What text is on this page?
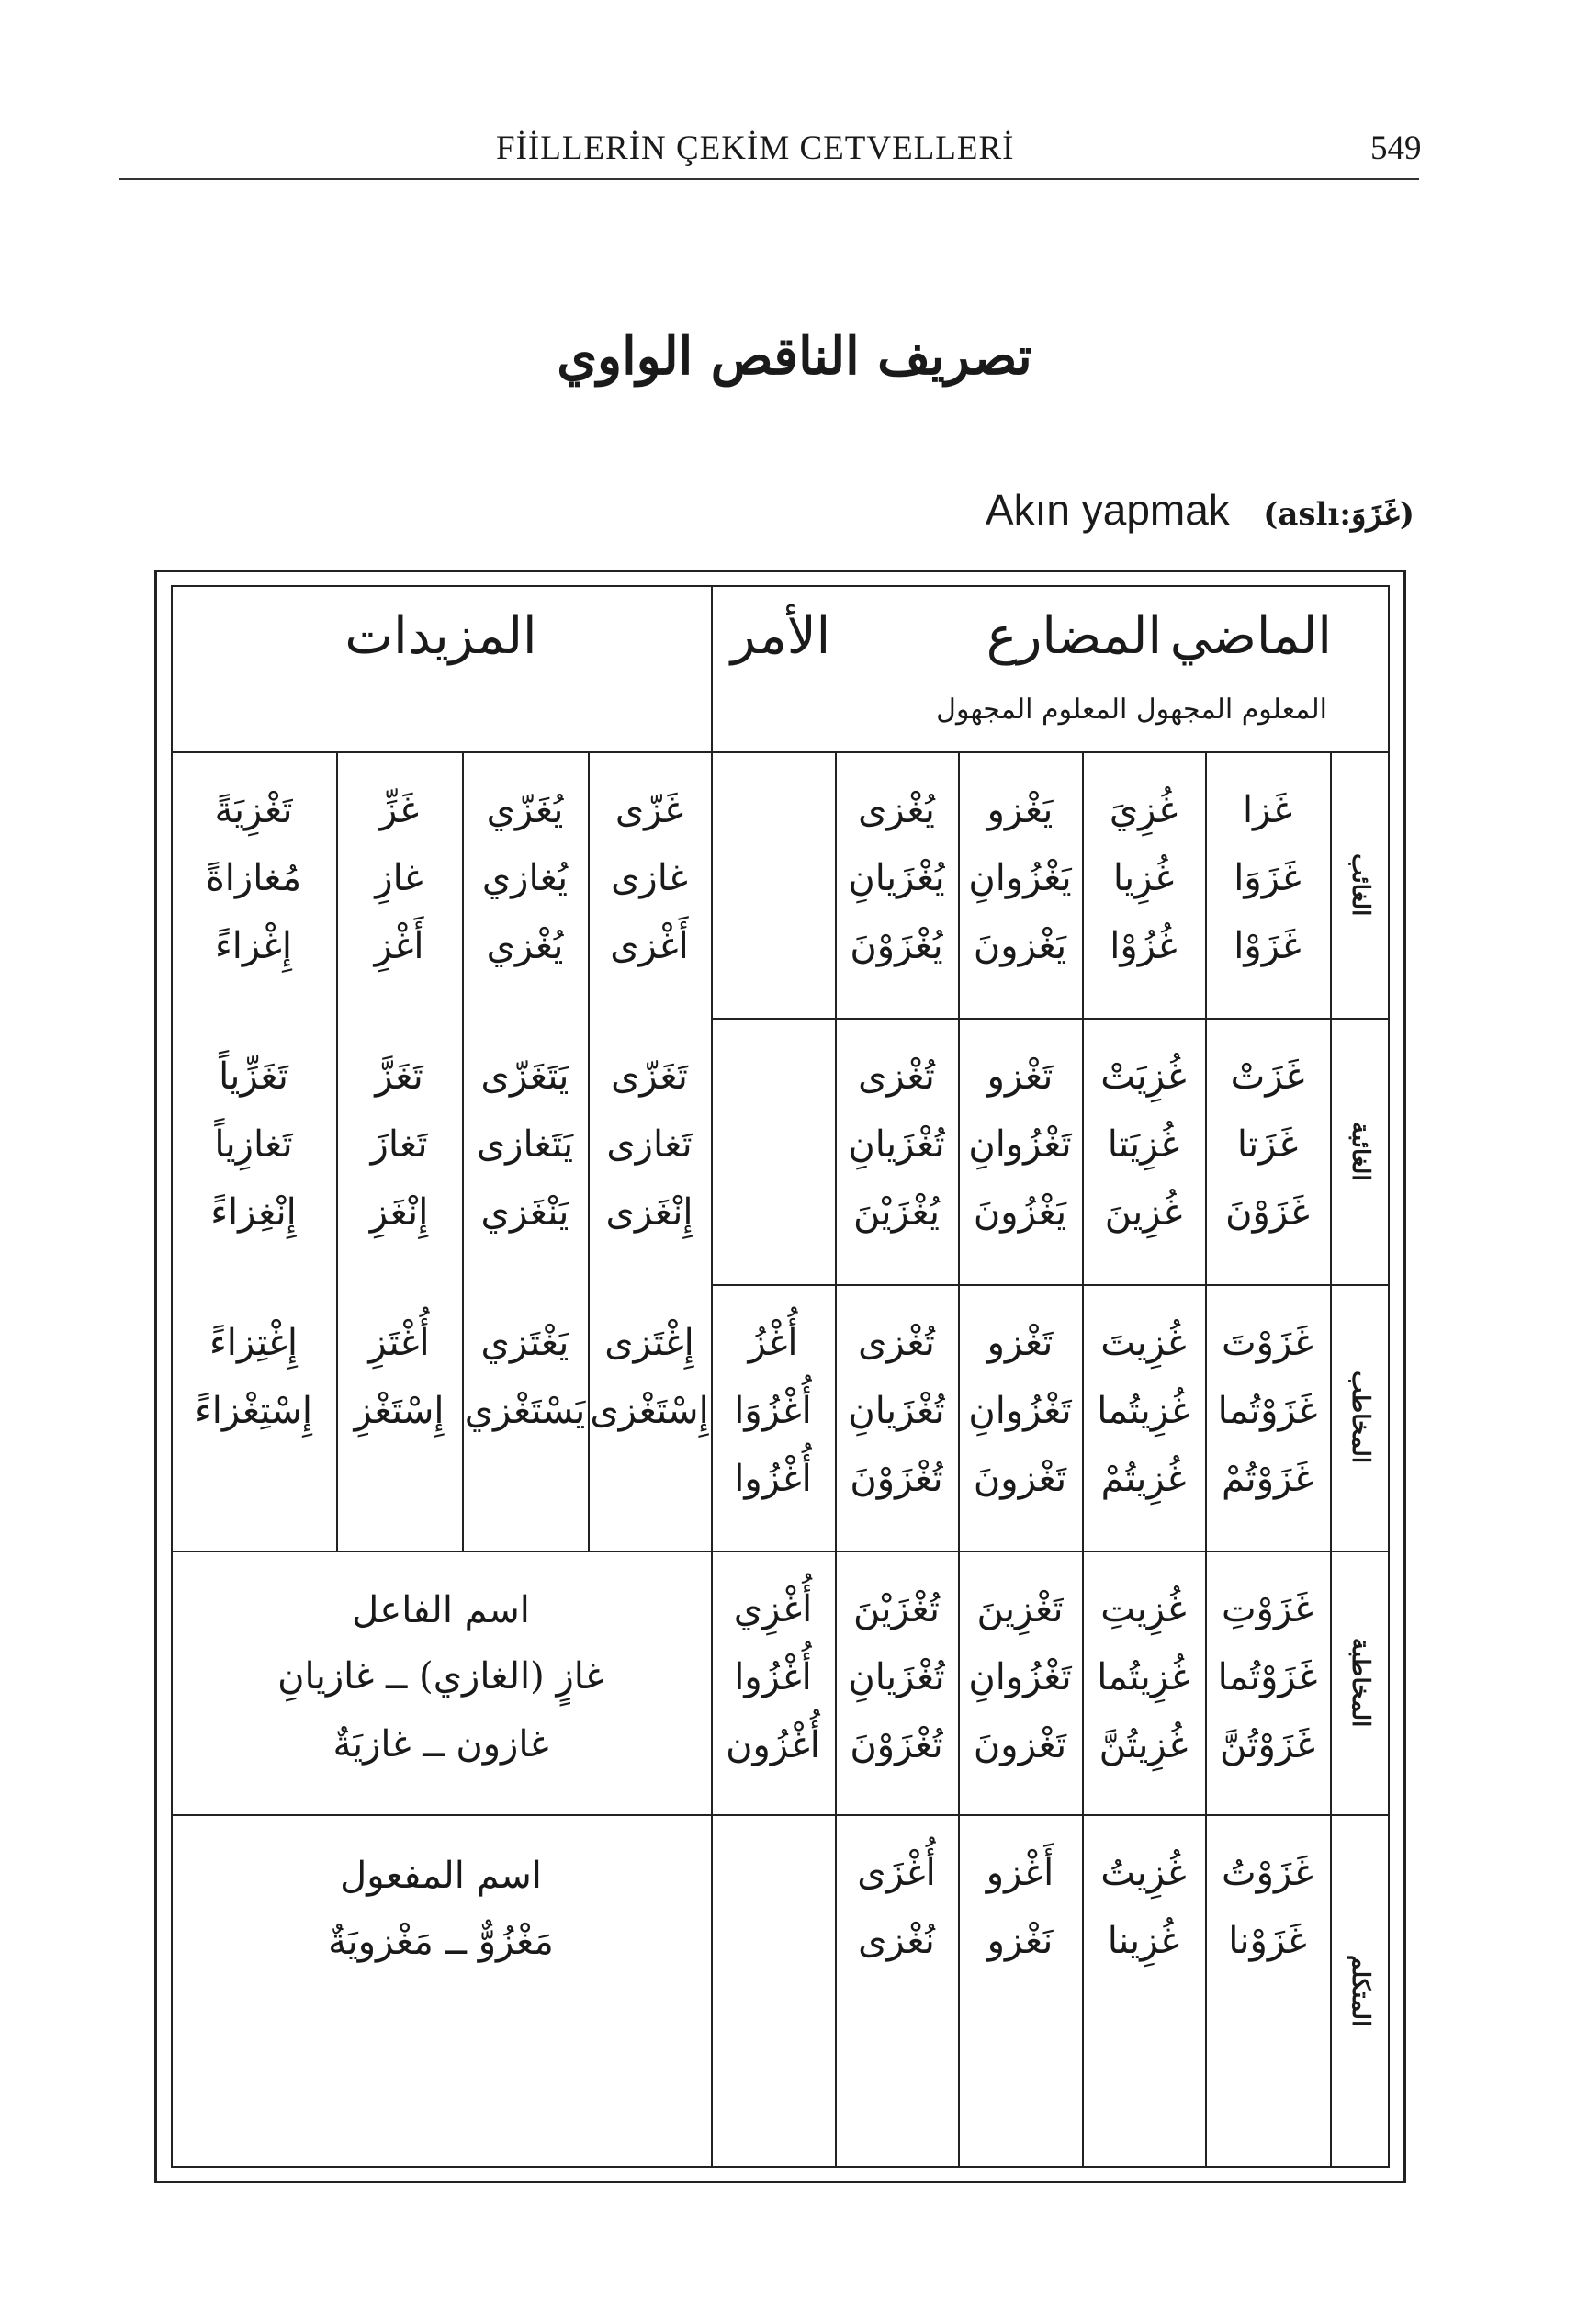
FİİLLERİN ÇEKİM CETVELLERİ	549
تصريف الناقص الواوي
Akın yapmak (aslı:غَزَوَ)
الماضي
المضارع
الأمر
المعلوم المجهول المعلوم المجهول
المزيدات
الغائب
غَزا
غَزَوَا
غَزَوْا
غُزِيَ
غُزِيا
غُزُوْا
يَغْزو
يَغْزُوانِ
يَغْزونَ
يُغْزى
يُغْزَيانِ
يُغْزَوْنَ
غَزّى
غازى
أَغْزى
يُغَزّي
يُغازي
يُغْزي
غَزِّ
غازِ
أَغْزِ
تَغْزِيَةً
مُغازاةً
إِغْزاءً
الغائبة
غَزَتْ
غَزَتا
غَزَوْنَ
غُزِيَتْ
غُزِيَتا
غُزِينَ
تَغْزو
تَغْزُوانِ
يَغْزُونَ
تُغْزى
تُغْزَيانِ
يُغْزَيْنَ
تَغَزّى
تَغازى
إِنْغَزى
يَتَغَزّى
يَتَغازى
يَنْغَزي
تَغَزَّ
تَغازَ
إِنْغَزِ
تَغَزِّياً
تَغازِياً
إِنْغِزاءً
المخاطب
غَزَوْتَ
غَزَوْتُما
غَزَوْتُمْ
غُزِيتَ
غُزِيتُما
غُزِيتُمْ
تَغْزو
تَغْزُوانِ
تَغْزونَ
تُغْزى
تُغْزَيانِ
تُغْزَوْنَ
أُغْزُ
أُغْزُوَا
أُغْزُوا
إِغْتَزى
إِسْتَغْزى
يَغْتَزي
يَسْتَغْزي
أُغْتَزِ
إِسْتَغْزِ
إِغْتِزاءً
إِسْتِغْزاءً
المخاطبة
غَزَوْتِ
غَزَوْتُما
غَزَوْتُنَّ
غُزِيتِ
غُزِيتُما
غُزِيتُنَّ
تَغْزِينَ
تَغْزُوانِ
تَغْزونَ
تُغْزَيْنَ
تُغْزَيانِ
تُغْزَوْنَ
أُغْزِي
أُغْزُوا
أُغْزُون
المتكلم
غَزَوْتُ
غَزَوْنا
غُزِيتُ
غُزِينا
أَغْزو
نَغْزو
أُغْزَى
نُغْزى
اسم الفاعل
غازٍ (الغازي) ــ غازيانِ
غازون ــ غازيَةٌ
اسم المفعول
مَغْزُوٌّ ــ مَغْزويَةٌ
